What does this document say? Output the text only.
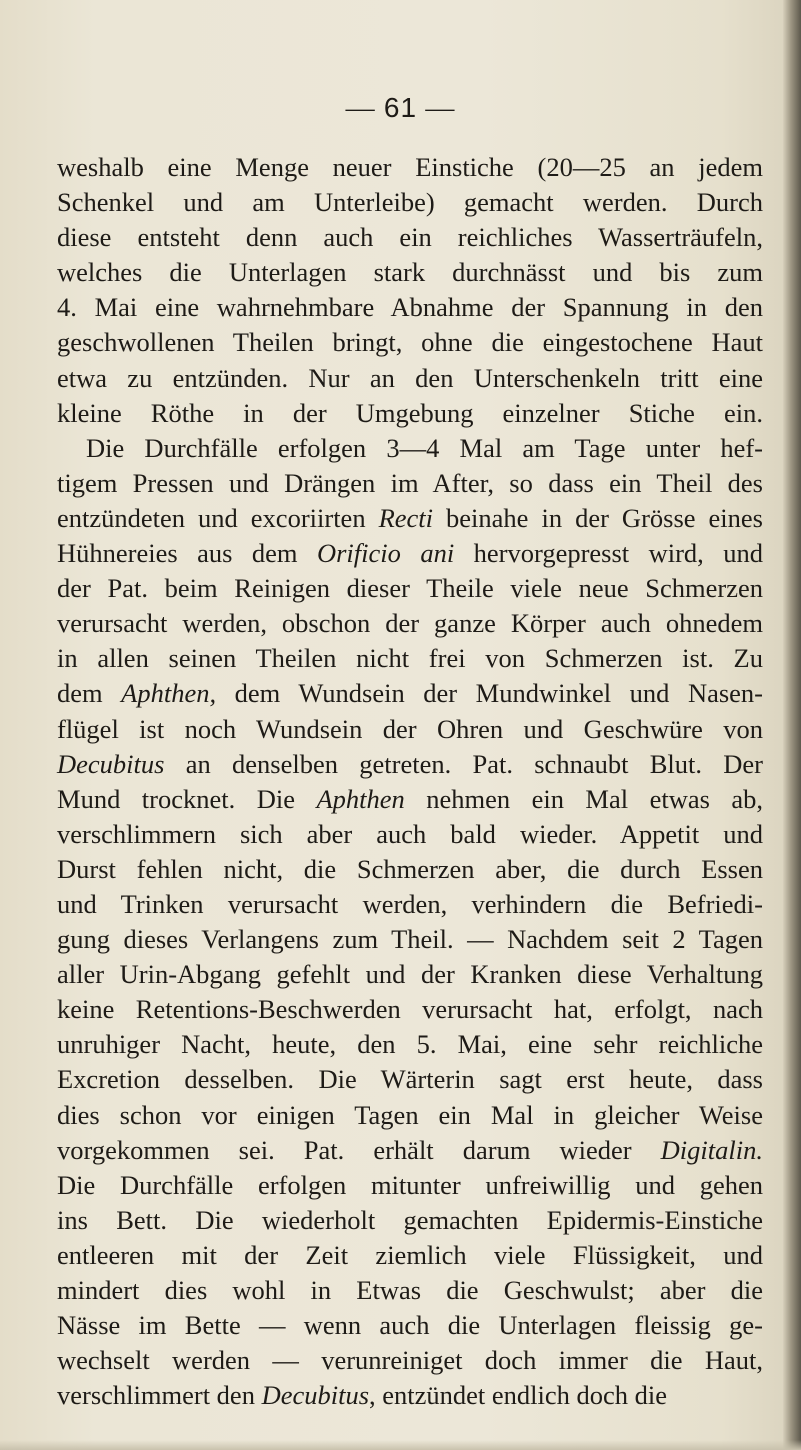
— 61 —
weshalb eine Menge neuer Einstiche (20—25 an jedem
Schenkel und am Unterleibe) gemacht werden. Durch
diese entsteht denn auch ein reichliches Wasserträufeln,
welches die Unterlagen stark durchnässt und bis zum
4. Mai eine wahrnehmbare Abnahme der Spannung in den
geschwollenen Theilen bringt, ohne die eingestochene Haut
etwa zu entzünden. Nur an den Unterschenkeln tritt eine
kleine Röthe in der Umgebung einzelner Stiche ein.
Die Durchfälle erfolgen 3—4 Mal am Tage unter hef-
tigem Pressen und Drängen im After, so dass ein Theil des
entzündeten und excoriirten Recti beinahe in der Grösse eines
Hühnereies aus dem Orificio ani hervorgepresst wird, und
der Pat. beim Reinigen dieser Theile viele neue Schmerzen
verursacht werden, obschon der ganze Körper auch ohnedem
in allen seinen Theilen nicht frei von Schmerzen ist. Zu
dem Aphthen, dem Wundsein der Mundwinkel und Nasen-
flügel ist noch Wundsein der Ohren und Geschwüre von
Decubitus an denselben getreten. Pat. schnaubt Blut. Der
Mund trocknet. Die Aphthen nehmen ein Mal etwas ab,
verschlimmern sich aber auch bald wieder. Appetit und
Durst fehlen nicht, die Schmerzen aber, die durch Essen
und Trinken verursacht werden, verhindern die Befriedi-
gung dieses Verlangens zum Theil. — Nachdem seit 2 Tagen
aller Urin-Abgang gefehlt und der Kranken diese Verhaltung
keine Retentions-Beschwerden verursacht hat, erfolgt, nach
unruhiger Nacht, heute, den 5. Mai, eine sehr reichliche
Excretion desselben. Die Wärterin sagt erst heute, dass
dies schon vor einigen Tagen ein Mal in gleicher Weise
vorgekommen sei. Pat. erhält darum wieder Digitalin.
Die Durchfälle erfolgen mitunter unfreiwillig und gehen
ins Bett. Die wiederholt gemachten Epidermis-Einstiche
entleeren mit der Zeit ziemlich viele Flüssigkeit, und
mindert dies wohl in Etwas die Geschwulst; aber die
Nässe im Bette — wenn auch die Unterlagen fleissig ge-
wechselt werden — verunreiniget doch immer die Haut,
verschlimmert den Decubitus, entzündet endlich doch die
